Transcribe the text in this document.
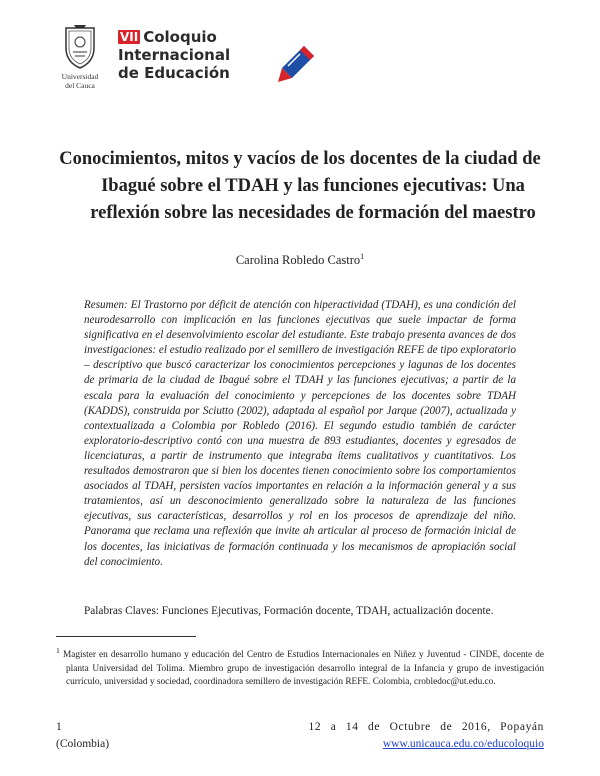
Universidad
del Cauca
VII Coloquio
Internacional
de Educación
Conocimientos, mitos y vacíos de los docentes de la ciudad de
Ibagué sobre el TDAH y las funciones ejecutivas: Una
reflexión sobre las necesidades de formación del maestro
Carolina Robledo Castro$^1$
Resumen: El Trastorno por déficit de atención con hiperactividad (TDAH), es una condición del neurodesarrollo con implicación en las funciones ejecutivas que suele impactar de forma significativa en el desenvolvimiento escolar del estudiante. Este trabajo presenta avances de dos investigaciones: el estudio realizado por el semillero de investigación REFE de tipo exploratorio – descriptivo que buscó caracterizar los conocimientos percepciones y lagunas de los docentes de primaria de la ciudad de Ibagué sobre el TDAH y las funciones ejecutivas; a partir de la escala para la evaluación del conocimiento y percepciones de los docentes sobre TDAH (KADDS), construida por Sciutto (2002), adaptada al español por Jarque (2007), actualizada y contextualizada a Colombia por Robledo (2016). El segundo estudio también de carácter exploratorio-descriptivo contó con una muestra de 893 estudiantes, docentes y egresados de licenciaturas, a partir de instrumento que integraba ítems cualitativos y cuantitativos. Los resultados demostraron que si bien los docentes tienen conocimiento sobre los comportamientos asociados al TDAH, persisten vacíos importantes en relación a la información general y a sus tratamientos, así un desconocimiento generalizado sobre la naturaleza de las funciones ejecutivas, sus características, desarrollos y rol en los procesos de aprendizaje del niño. Panorama que reclama una reflexión que invite ah articular al proceso de formación inicial de los docentes, las iniciativas de formación continuada y los mecanismos de apropiación social del conocimiento.
Palabras Claves: Funciones Ejecutivas, Formación docente, TDAH, actualización docente.
$^1$ Magister en desarrollo humano y educación del Centro de Estudios Internacionales en Niñez y Juventud - CINDE, docente de planta Universidad del Tolima. Miembro grupo de investigación desarrollo integral de la Infancia y grupo de investigación currículo, universidad y sociedad, coordinadora semillero de investigación REFE. Colombia, crobledoc@ut.edu.co.
1
(Colombia)
12 a 14 de Octubre de 2016, Popayán
www.unicauca.edu.co/educoloquio
